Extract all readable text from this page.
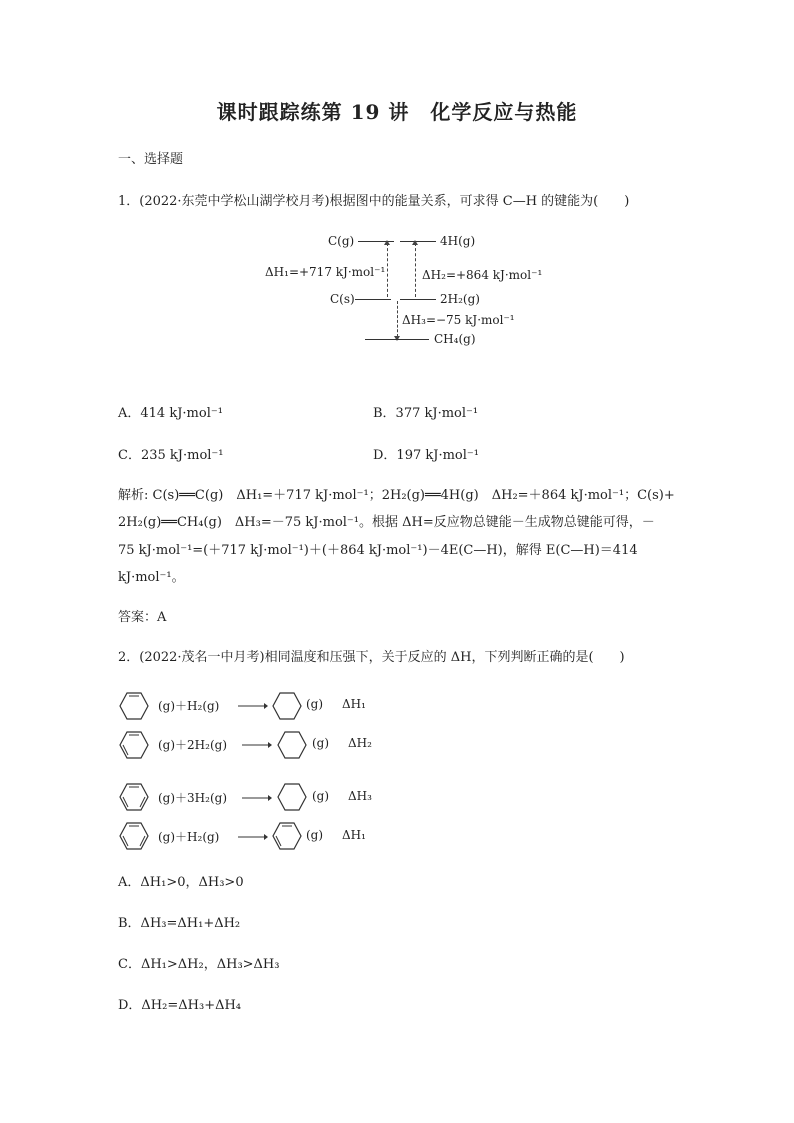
课时跟踪练第 19 讲　化学反应与热能
一、选择题
1．(2022·东莞中学松山湖学校月考)根据图中的能量关系，可求得 C—H 的键能为(　　)
C(g)	4H(g)
ΔH₁=+717 kJ·mol⁻¹	ΔH₂=+864 kJ·mol⁻¹
C(s)	2H₂(g)
ΔH₃=−75 kJ·mol⁻¹
CH₄(g)
A．414 kJ·mol⁻¹	B．377 kJ·mol⁻¹
C．235 kJ·mol⁻¹	D．197 kJ·mol⁻¹
解析: C(s)══C(g)　ΔH₁=＋717 kJ·mol⁻¹；2H₂(g)══4H(g)　ΔH₂=＋864 kJ·mol⁻¹；C(s)+
2H₂(g)══CH₄(g)　ΔH₃=－75 kJ·mol⁻¹。根据 ΔH=反应物总键能－生成物总键能可得，－
75 kJ·mol⁻¹=(＋717 kJ·mol⁻¹)＋(＋864 kJ·mol⁻¹)－4E(C—H)，解得 E(C—H)＝414
kJ·mol⁻¹。
答案：A
2．(2022·茂名一中月考)相同温度和压强下，关于反应的 ΔH，下列判断正确的是(　　)
(g)＋H₂(g)	(g) ΔH₁
(g)＋2H₂(g)	(g) ΔH₂
(g)＋3H₂(g)	(g) ΔH₃
(g)＋H₂(g)	(g) ΔH₁
A．ΔH₁>0，ΔH₃>0
B．ΔH₃=ΔH₁+ΔH₂
C．ΔH₁>ΔH₂，ΔH₃>ΔH₃
D．ΔH₂=ΔH₃+ΔH₄
